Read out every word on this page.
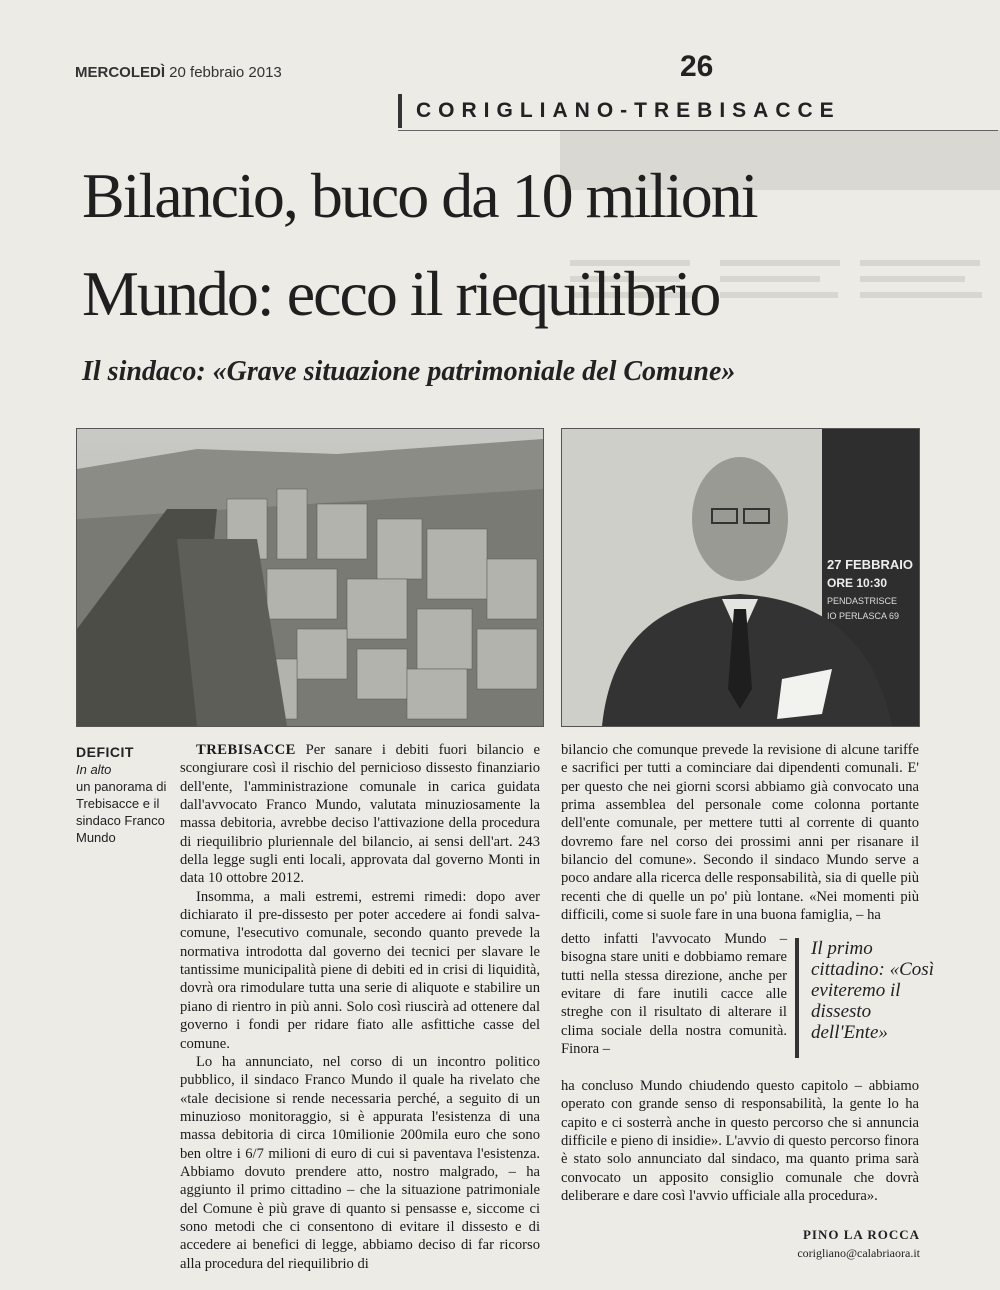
MERCOLEDÌ 20 febbraio 2013	26
CORIGLIANO-TREBISACCE
Bilancio, buco da 10 milioni
Mundo: ecco il riequilibrio
Il sindaco: «Grave situazione patrimoniale del Comune»
27 FEBBRAIO
ORE 10:30
PENDASTRISCE
IO PERLASCA 69
DEFICIT
In alto
un panorama di Trebisacce e il sindaco Franco Mundo

TREBISACCE Per sanare i debiti fuori bilancio e scongiurare così il rischio del pernicioso dissesto finanziario dell'ente, l'amministrazione comunale in carica guidata dall'avvocato Franco Mundo, valutata minuziosamente la massa debitoria, avrebbe deciso l'attivazione della procedura di riequilibrio pluriennale del bilancio, ai sensi dell'art. 243 della legge sugli enti locali, approvata dal governo Monti in data 10 ottobre 2012.

Insomma, a mali estremi, estremi rimedi: dopo aver dichiarato il pre-dissesto per poter accedere ai fondi salva-comune, l'esecutivo comunale, secondo quanto prevede la normativa introdotta dal governo dei tecnici per slavare le tantissime municipalità piene di debiti ed in crisi di liquidità, dovrà ora rimodulare tutta una serie di aliquote e stabilire un piano di rientro in più anni. Solo così riuscirà ad ottenere dal governo i fondi per ridare fiato alle asfittiche casse del comune.

Lo ha annunciato, nel corso di un incontro politico pubblico, il sindaco Franco Mundo il quale ha rivelato che «tale decisione si rende necessaria perché, a seguito di un minuzioso monitoraggio, si è appurata l'esistenza di una massa debitoria di circa 10milionie 200mila euro che sono ben oltre i 6/7 milioni di euro di cui si paventava l'esistenza. Abbiamo dovuto prendere atto, nostro malgrado, – ha aggiunto il primo cittadino – che la situazione patrimoniale del Comune è più grave di quanto si pensasse e, siccome ci sono metodi che ci consentono di evitare il dissesto e di accedere ai benefici di legge, abbiamo deciso di far ricorso alla procedura del riequilibrio di

bilancio che comunque prevede la revisione di alcune tariffe e sacrifici per tutti a cominciare dai dipendenti comunali. E' per questo che nei giorni scorsi abbiamo già convocato una prima assemblea del personale come colonna portante dell'ente comunale, per mettere tutti al corrente di quanto dovremo fare nel corso dei prossimi anni per risanare il bilancio del comune». Secondo il sindaco Mundo serve a poco andare alla ricerca delle responsabilità, sia di quelle più recenti che di quelle un po' più lontane. «Nei momenti più difficili, come si suole fare in una buona famiglia, – ha

detto infatti l'avvocato Mundo – bisogna stare uniti e dobbiamo remare tutti nella stessa direzione, anche per evitare di fare inutili cacce alle streghe con il risultato di alterare il clima sociale della nostra comunità. Finora –

Il primo cittadino: «Così eviteremo il dissesto dell'Ente»

ha concluso Mundo chiudendo questo capitolo – abbiamo operato con grande senso di responsabilità, la gente lo ha capito e ci sosterrà anche in questo percorso che si annuncia difficile e pieno di insidie». L'avvio di questo percorso finora è stato solo annunciato dal sindaco, ma quanto prima sarà convocato un apposito consiglio comunale che dovrà deliberare e dare così l'avvio ufficiale alla procedura».

PINO LA ROCCA
corigliano@calabriaora.it
